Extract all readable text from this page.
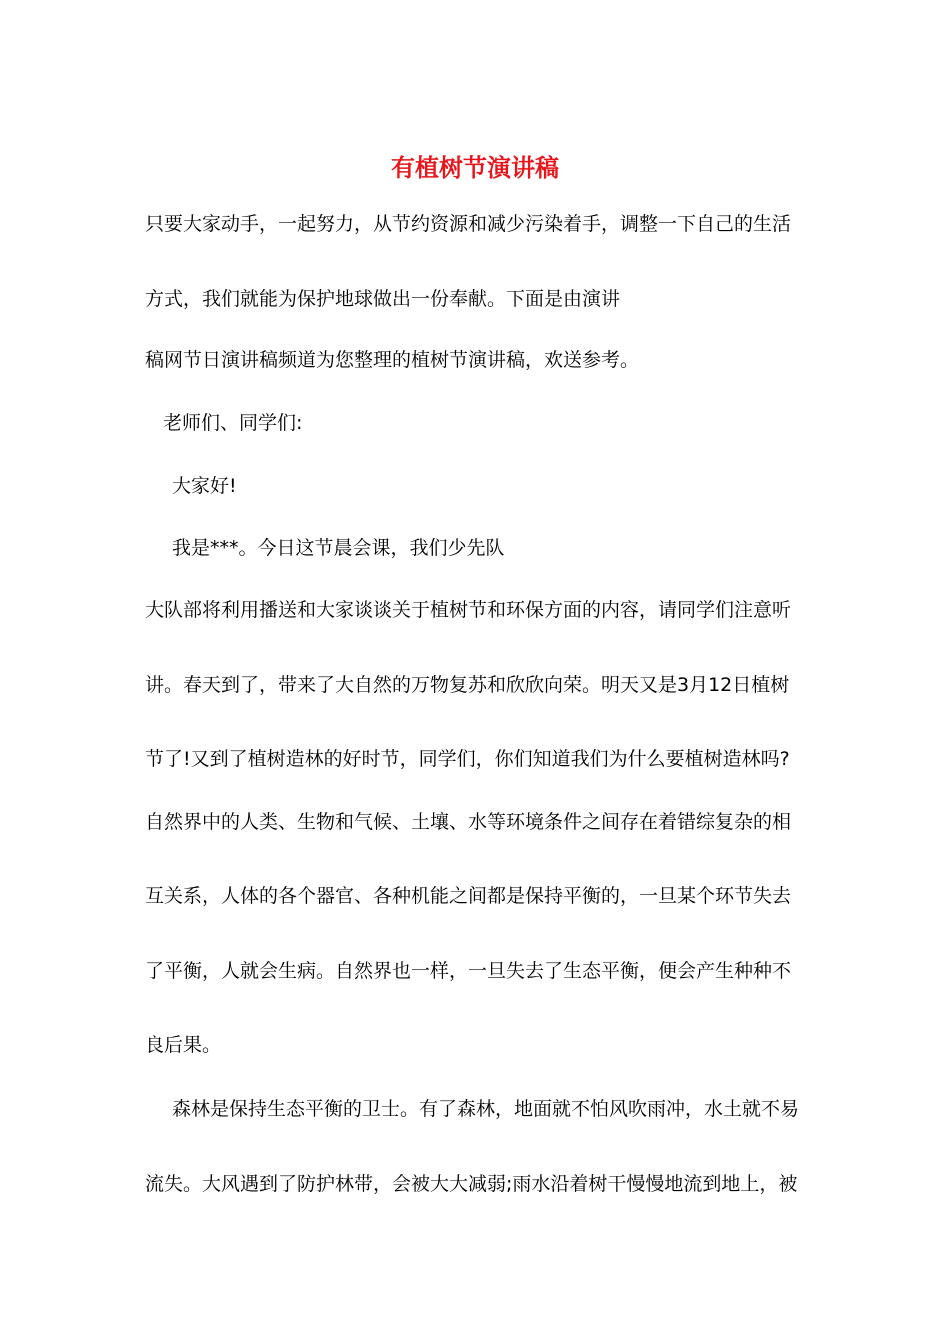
有植树节演讲稿

只要大家动手，一起努力，从节约资源和减少污染着手，调整一下自己的生活

方式，我们就能为保护地球做出一份奉献。下面是由演讲

稿网节日演讲稿频道为您整理的植树节演讲稿，欢送参考。

老师们、同学们:

大家好!

我是***。今日这节晨会课，我们少先队

大队部将利用播送和大家谈谈关于植树节和环保方面的内容，请同学们注意听

讲。春天到了，带来了大自然的万物复苏和欣欣向荣。明天又是3月12日植树

节了!又到了植树造林的好时节，同学们，你们知道我们为什么要植树造林吗?

自然界中的人类、生物和气候、土壤、水等环境条件之间存在着错综复杂的相

互关系，人体的各个器官、各种机能之间都是保持平衡的，一旦某个环节失去

了平衡，人就会生病。自然界也一样，一旦失去了生态平衡，便会产生种种不

良后果。

森林是保持生态平衡的卫士。有了森林，地面就不怕风吹雨冲，水土就不易

流失。大风遇到了防护林带，会被大大减弱;雨水沿着树干慢慢地流到地上，被
